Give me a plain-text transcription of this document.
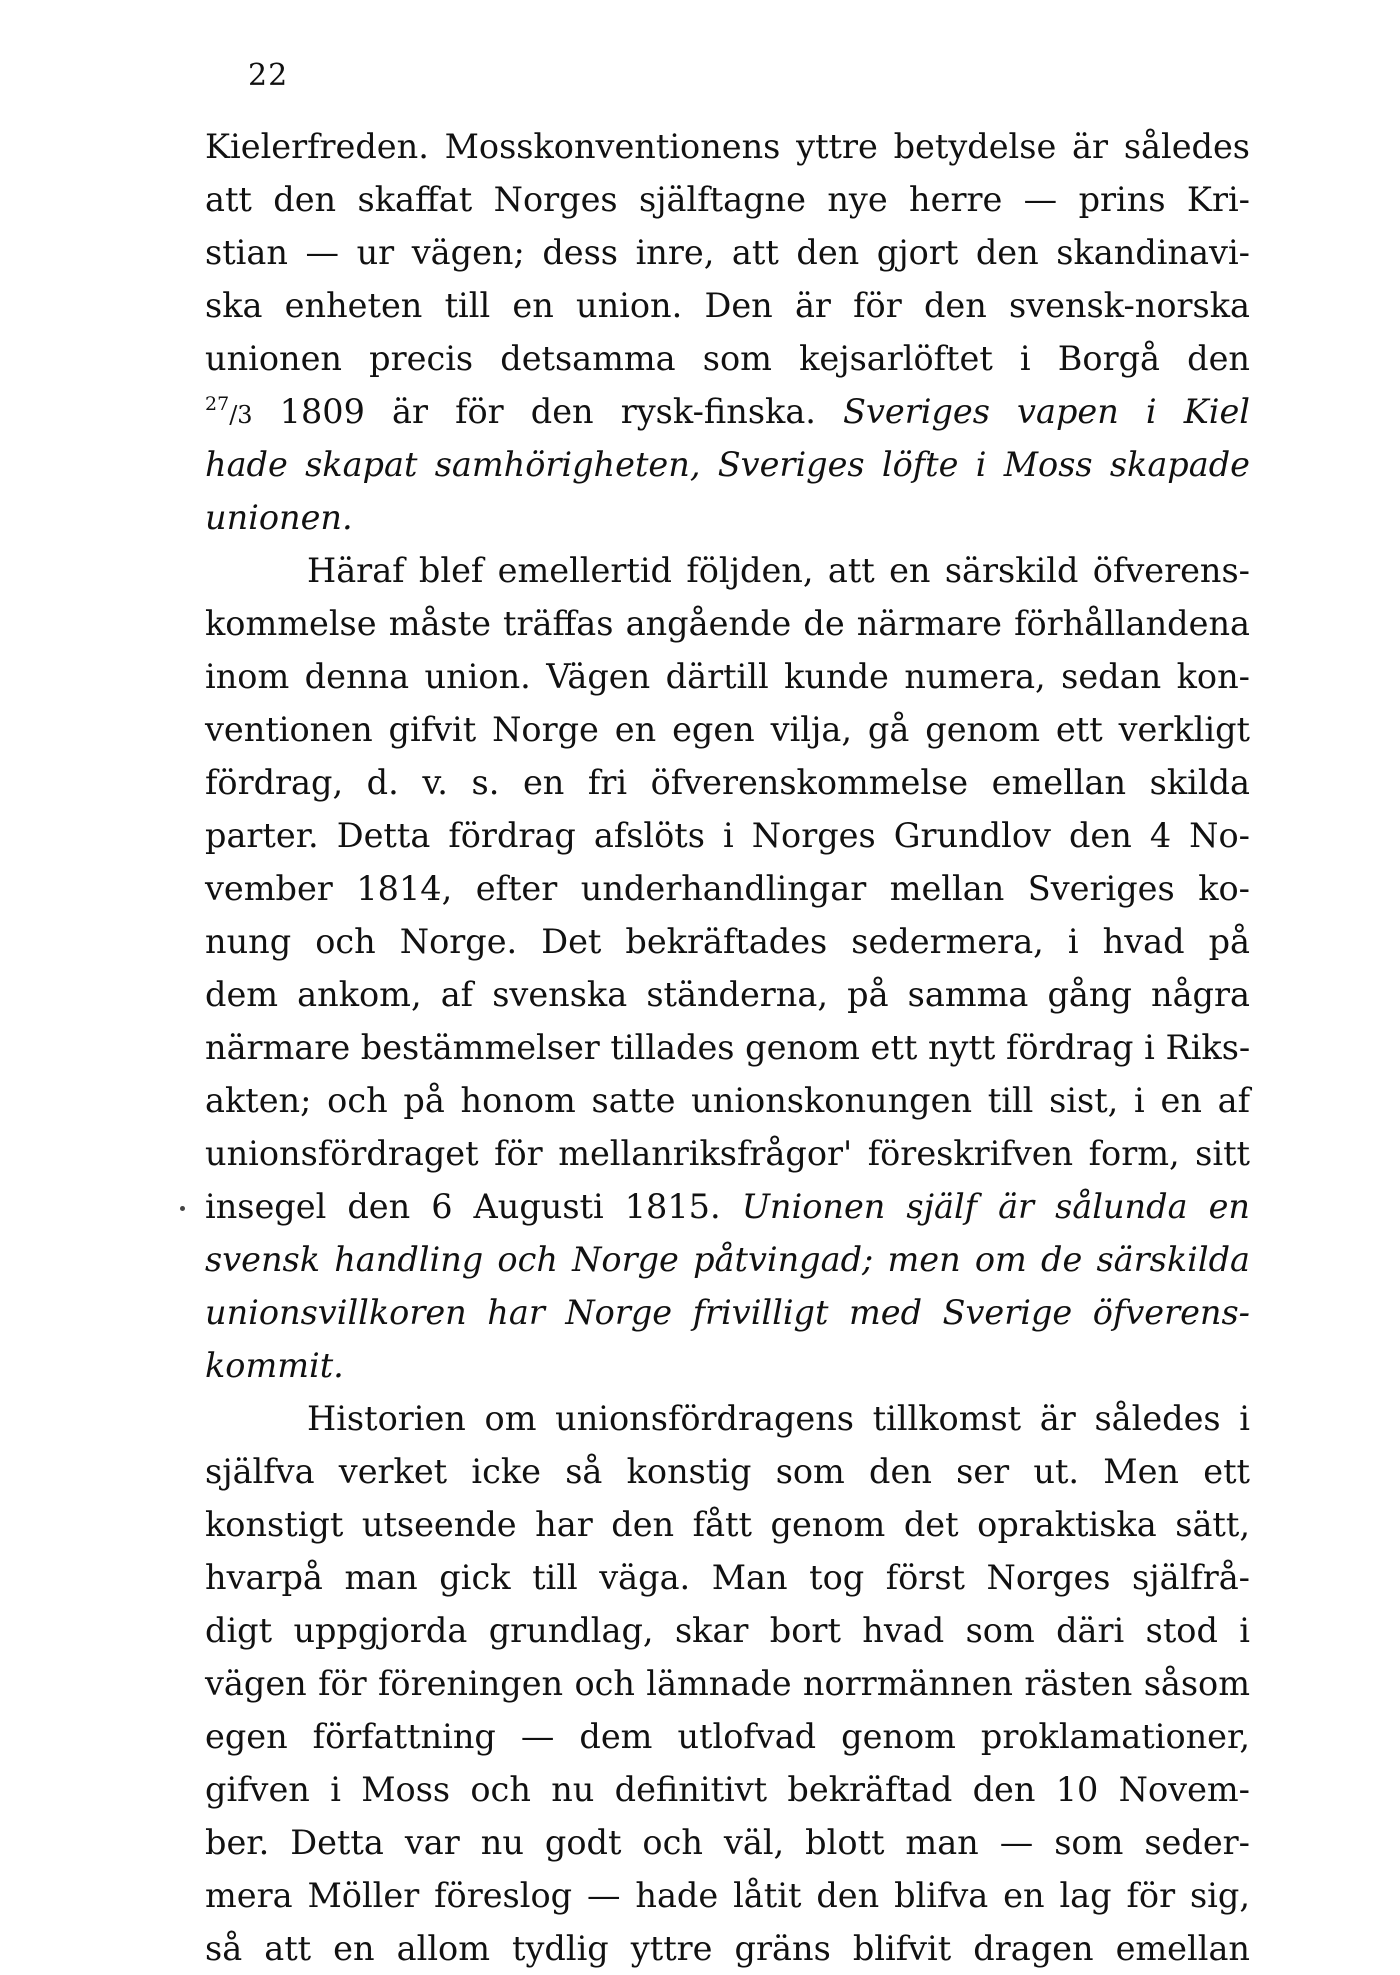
22
Kielerfreden. Mosskonventionens yttre betydelse är således
att den skaffat Norges själftagne nye herre — prins Kri-
stian — ur vägen; dess inre, att den gjort den skandinavi-
ska enheten till en union. Den är för den svensk-norska
unionen precis detsamma som kejsarlöftet i Borgå den
$^{27}$/3 1809 är för den rysk-finska. Sveriges vapen i Kiel
hade skapat samhörigheten, Sveriges löfte i Moss skapade
unionen.
Häraf blef emellertid följden, att en särskild öfverens-
kommelse måste träffas angående de närmare förhållandena
inom denna union. Vägen därtill kunde numera, sedan kon-
ventionen gifvit Norge en egen vilja, gå genom ett verkligt
fördrag, d. v. s. en fri öfverenskommelse emellan skilda
parter. Detta fördrag afslöts i Norges Grundlov den 4 No-
vember 1814, efter underhandlingar mellan Sveriges ko-
nung och Norge. Det bekräftades sedermera, i hvad på
dem ankom, af svenska ständerna, på samma gång några
närmare bestämmelser tillades genom ett nytt fördrag i Riks-
akten; och på honom satte unionskonungen till sist, i en af
unionsfördraget för mellanriksfrågor' föreskrifven form, sitt
insegel den 6 Augusti 1815. Unionen själf är sålunda en
svensk handling och Norge påtvingad; men om de särskilda
unionsvillkoren har Norge frivilligt med Sverige öfverens-
kommit.
Historien om unionsfördragens tillkomst är således i
själfva verket icke så konstig som den ser ut. Men ett
konstigt utseende har den fått genom det opraktiska sätt,
hvarpå man gick till väga. Man tog först Norges själfrå-
digt uppgjorda grundlag, skar bort hvad som däri stod i
vägen för föreningen och lämnade norrmännen rästen såsom
egen författning — dem utlofvad genom proklamationer,
gifven i Moss och nu definitivt bekräftad den 10 Novem-
ber. Detta var nu godt och väl, blott man — som seder-
mera Möller föreslog — hade låtit den blifva en lag för sig,
så att en allom tydlig yttre gräns blifvit dragen emellan
